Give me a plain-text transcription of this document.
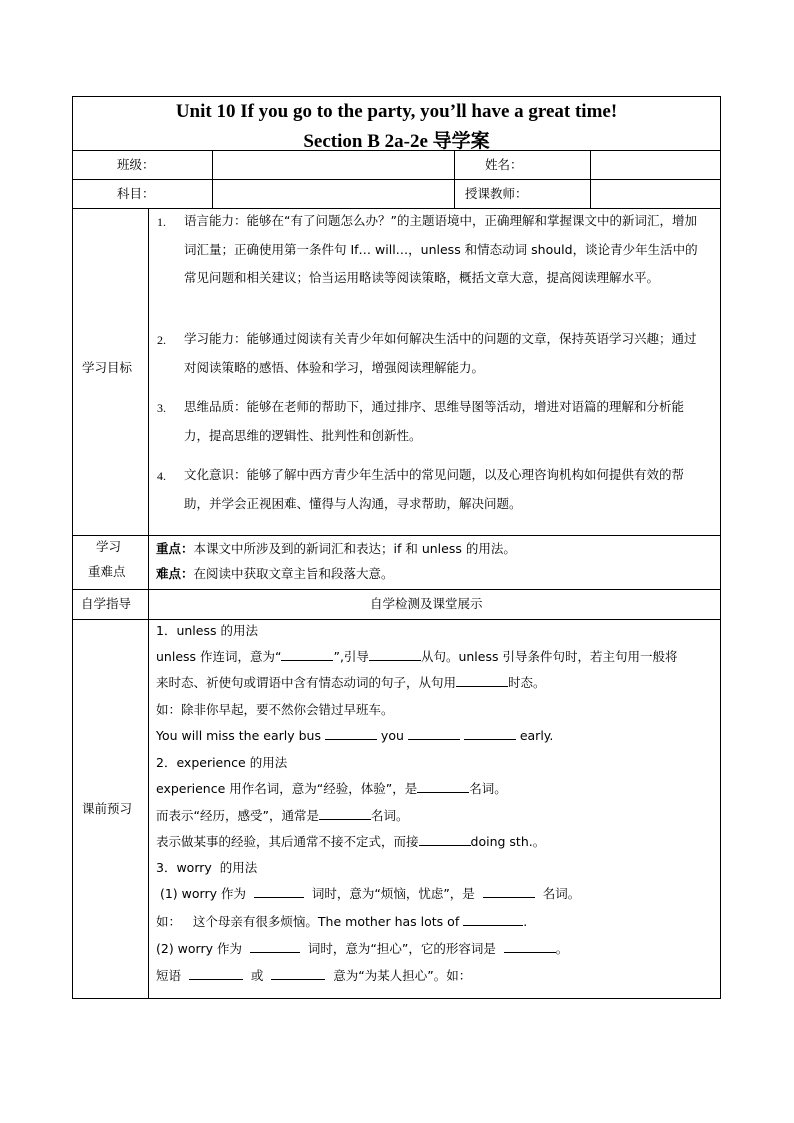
Unit 10 If you go to the party, you’ll have a great time!
Section B 2a-2e 导学案
班级：	姓名：
科目：	授课教师：
学习目标
1. 语言能力：能够在“有了问题怎么办？”的主题语境中，正确理解和掌握课文中的新词汇，增加词汇量；正确使用第一条件句 If… will…，unless 和情态动词 should，谈论青少年生活中的常见问题和相关建议；恰当运用略读等阅读策略，概括文章大意，提高阅读理解水平。
2. 学习能力：能够通过阅读有关青少年如何解决生活中的问题的文章，保持英语学习兴趣；通过对阅读策略的感悟、体验和学习，增强阅读理解能力。
3. 思维品质：能够在老师的帮助下，通过排序、思维导图等活动，增进对语篇的理解和分析能力，提高思维的逻辑性、批判性和创新性。
4. 文化意识：能够了解中西方青少年生活中的常见问题，以及心理咨询机构如何提供有效的帮助，并学会正视困难、懂得与人沟通，寻求帮助，解决问题。
学习
重难点
重点：本课文中所涉及到的新词汇和表达；if 和 unless 的用法。
难点：在阅读中获取文章主旨和段落大意。
自学指导	自学检测及课堂展示
课前预习
1．unless 的用法
unless 作连词，意为“	”,引导	从句。unless 引导条件句时，若主句用一般将
来时态、祈使句或谓语中含有情态动词的句子，从句用	时态。
如：除非你早起，要不然你会错过早班车。
You will miss the early bus	you	early.
2．experience 的用法
experience 用作名词，意为“经验，体验”，是	名词。
而表示“经历，感受”，通常是	名词。
表示做某事的经验，其后通常不接不定式，而接	doing sth.。
3．worry  的用法
(1) worry 作为	词时，意为“烦恼，忧虑”，是	名词。
如：   这个母亲有很多烦恼。The mother has lots of	.
(2) worry 作为	词时，意为“担心”，它的形容词是	。
短语	或	意为“为某人担心”。如：
